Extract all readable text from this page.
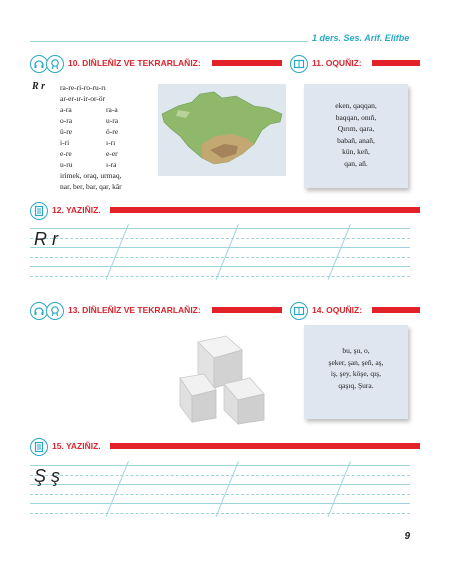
1 ders. Ses. Arif. Elifbe
10. DİÑLEÑİZ VE TEKRARLAÑIZ:	11. OQUÑIZ:
R r ra-re-ri-ro-ru-rı
ar-er-ır-ir-or-ör
a-ra	ra-a
o-ra	u-ra
ü-re	ö-re
i-ri	ı-rı
e-re	e-er
u-ru	ı-ra
irimek, oraq, urmaq,
nar, ber, bar, qar, kâr
eken, qaqqan,
baqqan, onıñ,
Qırım, qara,
babañ, anañ,
kün, keñ,
qan, añ.
12. YAZIÑIZ.
R r
13. DİÑLEÑİZ VE TEKRARLAÑIZ:	14. OQUÑIZ:
bu, şu, o,
şeker, şan, şeñ, aş,
iş, şey, köşe, qış,
qaşıq, Şura.
15. YAZIÑIZ.
Ş ş
9
